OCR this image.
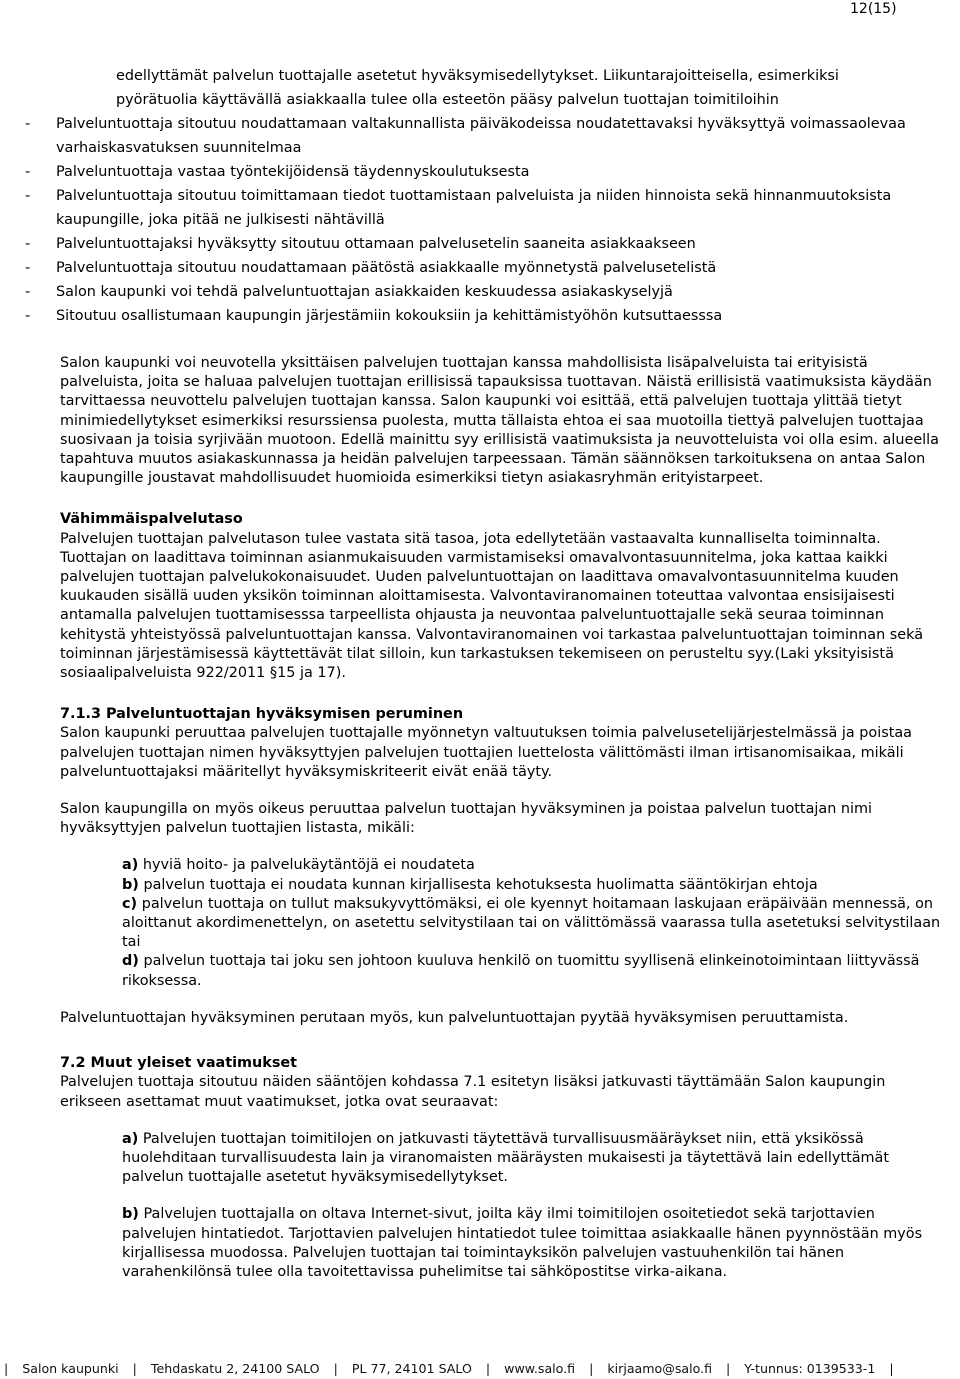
12(15)
edellyttämät palvelun tuottajalle asetetut hyväksymisedellytykset. Liikuntarajoitteisella, esimerkiksi
pyörätuolia käyttävällä asiakkaalla tulee olla esteetön pääsy palvelun tuottajan toimitiloihin
- Palveluntuottaja sitoutuu noudattamaan valtakunnallista päiväkodeissa noudatettavaksi hyväksyttyä voimassaolevaa varhaiskasvatuksen suunnitelmaa
- Palveluntuottaja vastaa työntekijöidensä täydennyskoulutuksesta
- Palveluntuottaja sitoutuu toimittamaan tiedot tuottamistaan palveluista ja niiden hinnoista sekä hinnanmuutoksista kaupungille, joka pitää ne julkisesti nähtävillä
- Palveluntuottajaksi hyväksytty sitoutuu ottamaan palvelusetelin saaneita asiakkaakseen
- Palveluntuottaja sitoutuu noudattamaan päätöstä asiakkaalle myönnetystä palvelusetelistä
- Salon kaupunki voi tehdä palveluntuottajan asiakkaiden keskuudessa asiakaskyselyjä
- Sitoutuu osallistumaan kaupungin järjestämiin kokouksiin ja kehittämistyöhön kutsuttaesssa

Salon kaupunki voi neuvotella yksittäisen palvelujen tuottajan kanssa mahdollisista lisäpalveluista tai erityisistä palveluista, joita se haluaa palvelujen tuottajan erillisissä tapauksissa tuottavan. Näistä erillisistä vaatimuksista käydään tarvittaessa neuvottelu palvelujen tuottajan kanssa. Salon kaupunki voi esittää, että palvelujen tuottaja ylittää tietyt minimiedellytykset esimerkiksi resurssiensa puolesta, mutta tällaista ehtoa ei saa muotoilla tiettyä palvelujen tuottajaa suosivaan ja toisia syrjivään muotoon. Edellä mainittu syy erillisistä vaatimuksista ja neuvotteluista voi olla esim. alueella tapahtuva muutos asiakaskunnassa ja heidän palvelujen tarpeessaan. Tämän säännöksen tarkoituksena on antaa Salon kaupungille joustavat mahdollisuudet huomioida esimerkiksi tietyn asiakasryhmän erityistarpeet.

Vähimmäispalvelutaso

Palvelujen tuottajan palvelutason tulee vastata sitä tasoa, jota edellytetään vastaavalta kunnalliselta toiminnalta. Tuottajan on laadittava toiminnan asianmukaisuuden varmistamiseksi omavalvontasuunnitelma, joka kattaa kaikki palvelujen tuottajan palvelukokonaisuudet. Uuden palveluntuottajan on laadittava omavalvontasuunnitelma kuuden kuukauden sisällä uuden yksikön toiminnan aloittamisesta. Valvontaviranomainen toteuttaa valvontaa ensisijaisesti antamalla palvelujen tuottamisesssa tarpeellista ohjausta ja neuvontaa palveluntuottajalle sekä seuraa toiminnan kehitystä yhteistyössä palveluntuottajan kanssa. Valvontaviranomainen voi tarkastaa palveluntuottajan toiminnan sekä toiminnan järjestämisessä käyttettävät tilat silloin, kun tarkastuksen tekemiseen on perusteltu syy.(Laki yksityisistä sosiaalipalveluista 922/2011 §15 ja 17).

7.1.3 Palveluntuottajan hyväksymisen peruminen

Salon kaupunki peruuttaa palvelujen tuottajalle myönnetyn valtuutuksen toimia palvelusetelijärjestelmässä ja poistaa palvelujen tuottajan nimen hyväksyttyjen palvelujen tuottajien luettelosta välittömästi ilman irtisanomisaikaa, mikäli palveluntuottajaksi määritellyt hyväksymiskriteerit eivät enää täyty.

Salon kaupungilla on myös oikeus peruuttaa palvelun tuottajan hyväksyminen ja poistaa palvelun tuottajan nimi hyväksyttyjen palvelun tuottajien listasta, mikäli:

a) hyviä hoito- ja palvelukäytäntöjä ei noudateta

b) palvelun tuottaja ei noudata kunnan kirjallisesta kehotuksesta huolimatta sääntökirjan ehtoja

c) palvelun tuottaja on tullut maksukyvyttömäksi, ei ole kyennyt hoitamaan laskujaan eräpäivään mennessä, on aloittanut akordimenettelyn, on asetettu selvitystilaan tai on välittömässä vaarassa tulla asetetuksi selvitystilaan tai

d) palvelun tuottaja tai joku sen johtoon kuuluva henkilö on tuomittu syyllisenä elinkeinotoimintaan liittyvässä rikoksessa.

Palveluntuottajan hyväksyminen perutaan myös, kun palveluntuottajan pyytää hyväksymisen peruuttamista.

7.2 Muut yleiset vaatimukset

Palvelujen tuottaja sitoutuu näiden sääntöjen kohdassa 7.1 esitetyn lisäksi jatkuvasti täyttämään Salon kaupungin erikseen asettamat muut vaatimukset, jotka ovat seuraavat:

a) Palvelujen tuottajan toimitilojen on jatkuvasti täytettävä turvallisuusmääräykset niin, että yksikössä huolehditaan turvallisuudesta lain ja viranomaisten määräysten mukaisesti ja täytettävä lain edellyttämät palvelun tuottajalle asetetut hyväksymisedellytykset.

b) Palvelujen tuottajalla on oltava Internet-sivut, joilta käy ilmi toimitilojen osoitetiedot sekä tarjottavien palvelujen hintatiedot. Tarjottavien palvelujen hintatiedot tulee toimittaa asiakkaalle hänen pyynnöstään myös kirjallisessa muodossa. Palvelujen tuottajan tai toimintayksikön palvelujen vastuuhenkilön tai hänen varahenkilönsä tulee olla tavoitettavissa puhelimitse tai sähköpostitse virka-aikana.

| Salon kaupunki | Tehdaskatu 2, 24100 SALO | PL 77, 24101 SALO | www.salo.fi | kirjaamo@salo.fi | Y-tunnus: 0139533-1 |
